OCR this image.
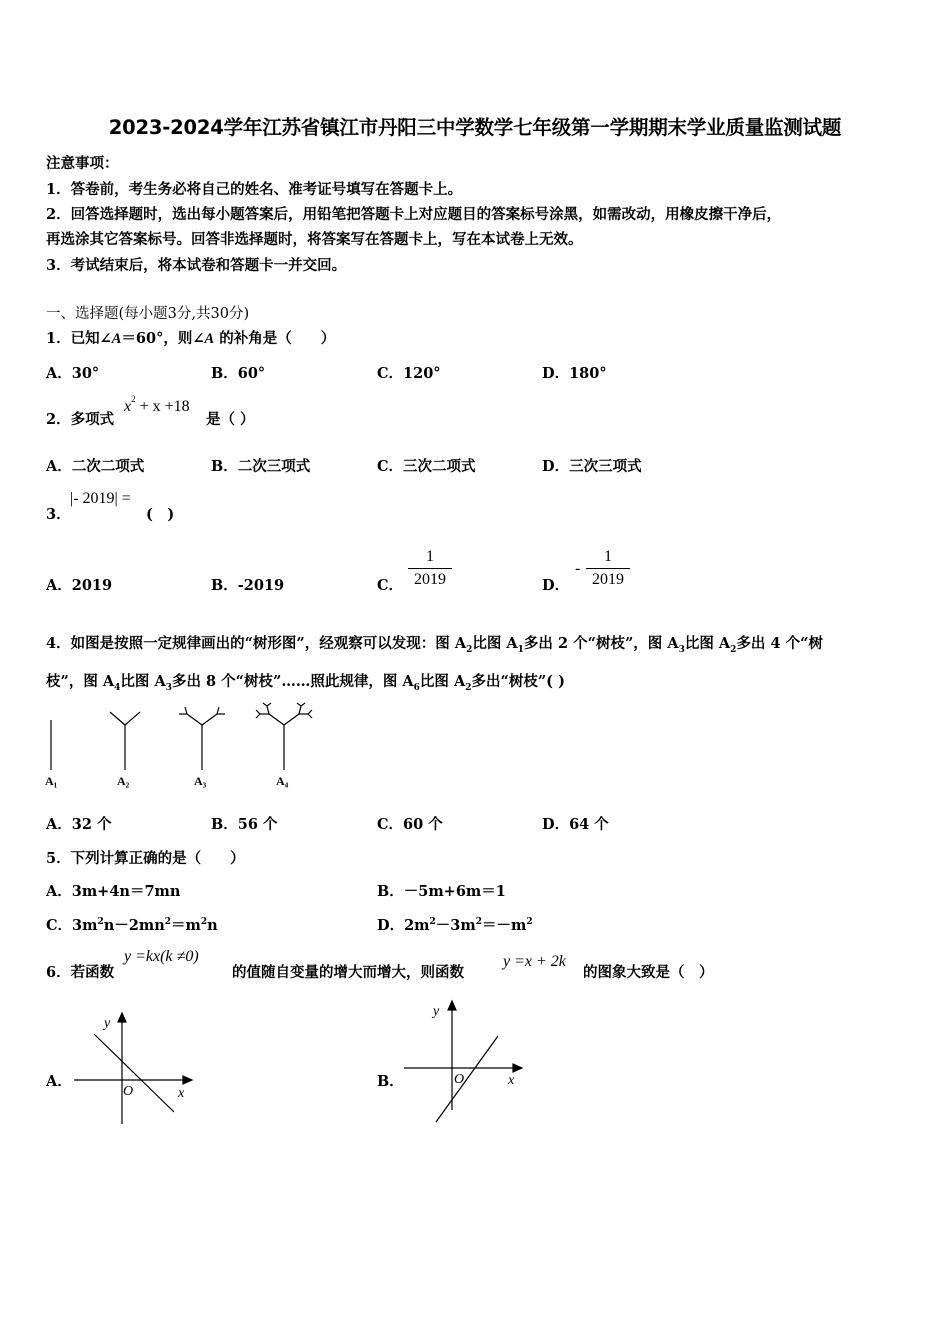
2023-2024学年江苏省镇江市丹阳三中学数学七年级第一学期期末学业质量监测试题
注意事项：
1．答卷前，考生务必将自己的姓名、准考证号填写在答题卡上。
2．回答选择题时，选出每小题答案后，用铅笔把答题卡上对应题目的答案标号涂黑，如需改动，用橡皮擦干净后，
再选涂其它答案标号。回答非选择题时，将答案写在答题卡上，写在本试卷上无效。
3．考试结束后，将本试卷和答题卡一并交回。
一、选择题(每小题3分,共30分)
1．已知∠A＝60°，则∠A 的补角是（　　）
A．30°	B．60°	C．120°	D．180°
2．多项式
$x^2 + x +18$
是（ ）
A．二次二项式	B．二次三项式	C．三次二项式	D．三次三项式
3．
|- 2019| =
(　)
A．2019	B．-2019	C．
1
2019	D．
-
1
2019
4．如图是按照一定规律画出的“树形图”，经观察可以发现：图 $A_2$比图 $A_1$多出 2 个“树枝”，图 $A_3$比图 $A_2$多出 4 个“树
枝”，图 $A_4$比图 $A_3$多出 8 个“树枝”……照此规律，图 $A_6$比图 $A_2$多出“树枝”( )
A₁	A₂	A₃	A₄
A．32 个	B．56 个	C．60 个	D．64 个
5．下列计算正确的是（　　）
A．3m+4n＝7mn	B．－5m+6m＝1
C．$3m^2n-2mn^2=m^2n$	D．$2m^2-3m^2=-m^2$
6．若函数
y =kx(k ≠0)
的值随自变量的增大而增大，则函数
y =x + 2k
的图象大致是（　）
A．
y
x
O
B．
y
x
O
